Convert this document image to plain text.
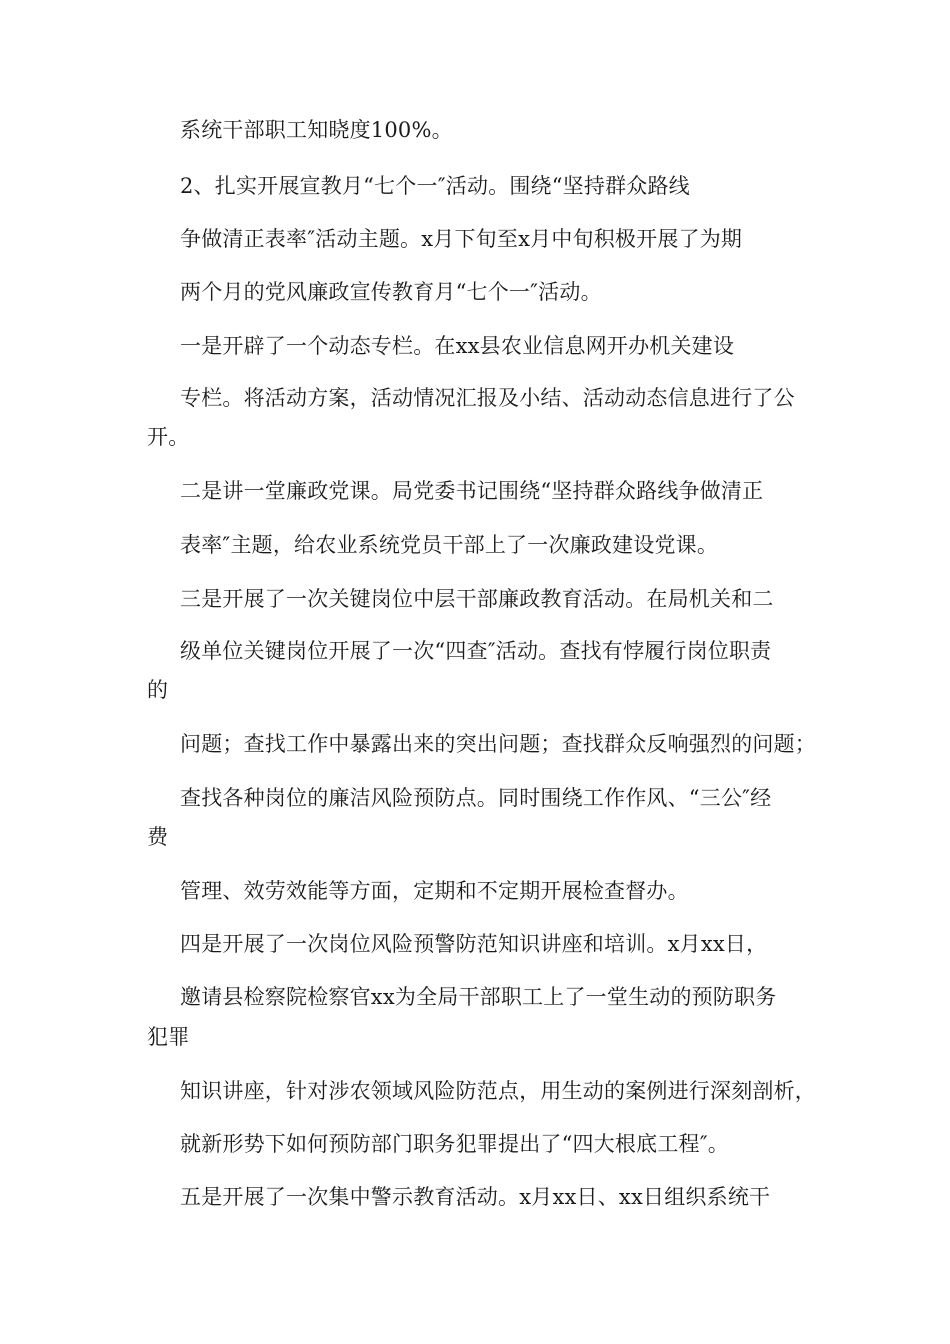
系统干部职工知晓度100%。
2、扎实开展宣教月“七个一″活动。围绕“坚持群众路线
争做清正表率″活动主题。x月下旬至x月中旬积极开展了为期
两个月的党风廉政宣传教育月“七个一″活动。
一是开辟了一个动态专栏。在xx县农业信息网开办机关建设
专栏。将活动方案，活动情况汇报及小结、活动动态信息进行了公
开。
二是讲一堂廉政党课。局党委书记围绕“坚持群众路线争做清正
表率″主题，给农业系统党员干部上了一次廉政建设党课。
三是开展了一次关键岗位中层干部廉政教育活动。在局机关和二
级单位关键岗位开展了一次“四查″活动。查找有悖履行岗位职责
的
问题；查找工作中暴露出来的突出问题；查找群众反响强烈的问题；
查找各种岗位的廉洁风险预防点。同时围绕工作作风、“三公″经
费
管理、效劳效能等方面，定期和不定期开展检查督办。
四是开展了一次岗位风险预警防范知识讲座和培训。x月xx日，
邀请县检察院检察官xx为全局干部职工上了一堂生动的预防职务
犯罪
知识讲座，针对涉农领域风险防范点，用生动的案例进行深刻剖析，
就新形势下如何预防部门职务犯罪提出了“四大根底工程″。
五是开展了一次集中警示教育活动。x月xx日、xx日组织系统干
